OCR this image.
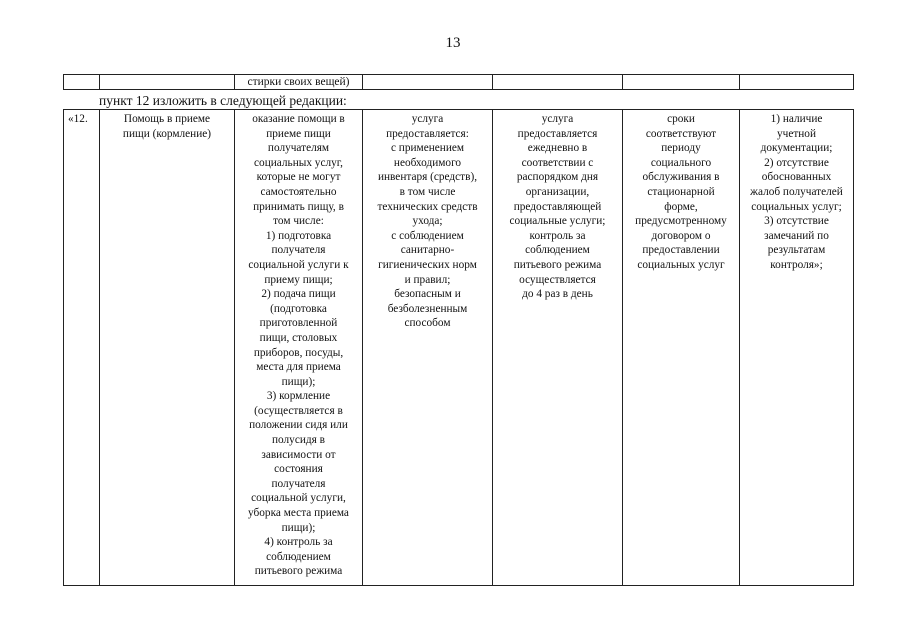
13
		стирки своих вещей)				
пункт 12 изложить в следующей редакции:
«12.	Помощь в приеме
пищи (кормление)	оказание помощи в
приеме пищи
получателям
социальных услуг,
которые не могут
самостоятельно
принимать пищу, в
том числе:
1) подготовка
получателя
социальной услуги к
приему пищи;
2) подача пищи
(подготовка
приготовленной
пищи, столовых
приборов, посуды,
места для приема
пищи);
3) кормление
(осуществляется в
положении сидя или
полусидя в
зависимости от
состояния
получателя
социальной услуги,
уборка места приема
пищи);
4) контроль за
соблюдением
питьевого режима	услуга
предоставляется:
с применением
необходимого
инвентаря (средств),
в том числе
технических средств
ухода;
с соблюдением
санитарно-
гигиенических норм
и правил;
безопасным и
безболезненным
способом	услуга
предоставляется
ежедневно в
соответствии с
распорядком дня
организации,
предоставляющей
социальные услуги;
контроль за
соблюдением
питьевого режима
осуществляется
до 4 раз в день	сроки
соответствуют
периоду
социального
обслуживания в
стационарной
форме,
предусмотренному
договором о
предоставлении
социальных услуг	1) наличие
учетной
документации;
2) отсутствие
обоснованных
жалоб получателей
социальных услуг;
3) отсутствие
замечаний по
результатам
контроля»;
